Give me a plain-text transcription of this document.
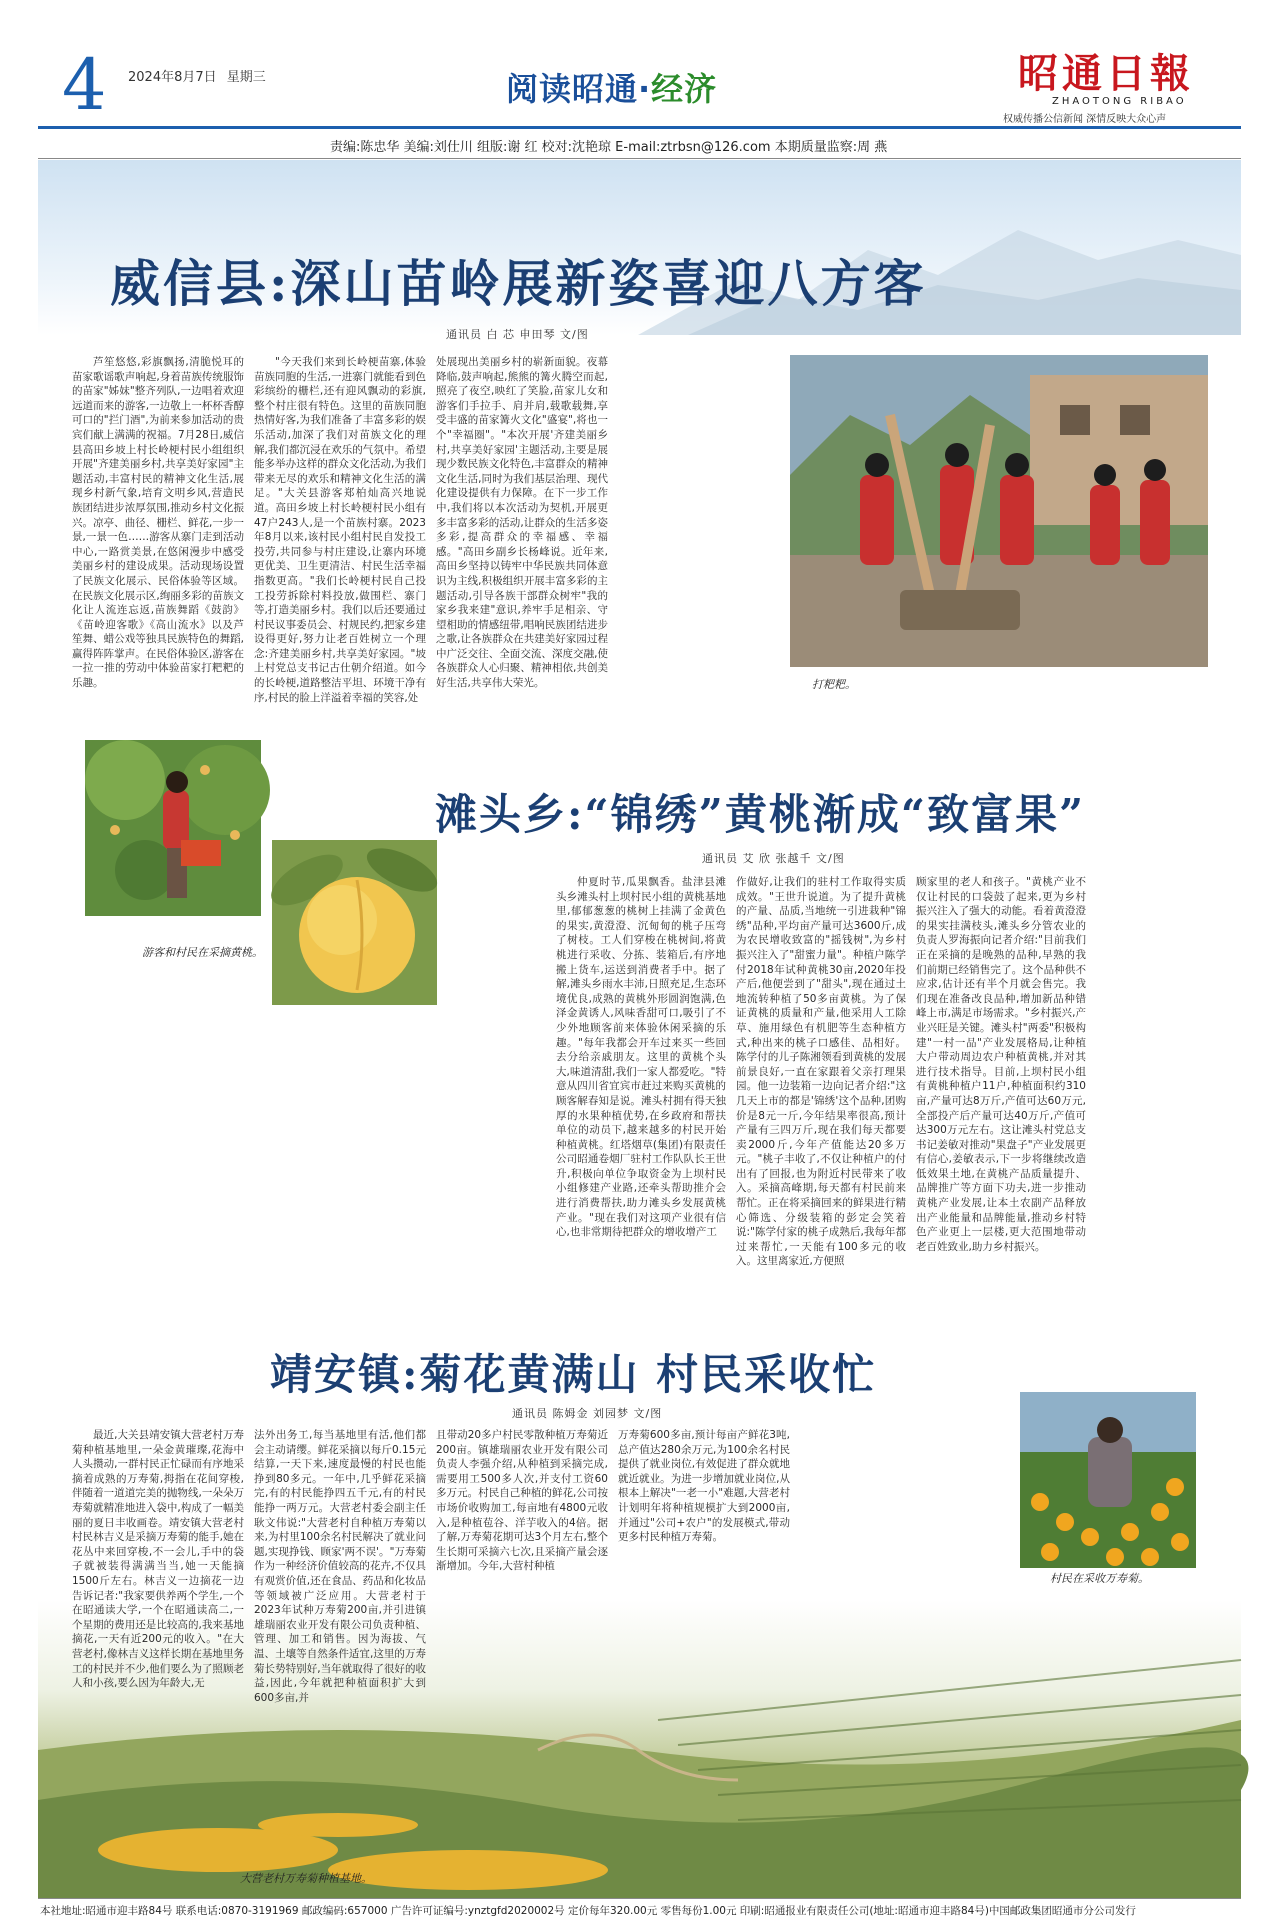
4 2024年8月7日 星期三	阅读昭通·经济	昭通日報
ZHAOTONG RIBAO
权威传播公信新闻 深情反映大众心声
责编:陈忠华 美编:刘仕川 组版:谢 红 校对:沈艳琼 E-mail:ztrbsn@126.com 本期质量监察:周 燕
威信县:深山苗岭展新姿喜迎八方客
通讯员 白 芯 申田琴 文/图

芦笙悠悠,彩旗飘扬,清脆悦耳的苗家歌谣歌声响起,身着苗族传统服饰的苗家"姊妹"整齐列队,一边唱着欢迎远道而来的游客,一边敬上一杯杯香醇可口的"拦门酒",为前来参加活动的贵宾们献上满满的祝福。7月28日,威信县高田乡坡上村长岭梗村民小组组织开展"齐建美丽乡村,共享美好家园"主题活动,丰富村民的精神文化生活,展现乡村新气象,培育文明乡风,营造民族团结进步浓厚氛围,推动乡村文化振兴。凉亭、曲径、栅栏、鲜花,一步一景,一景一色……游客从寨门走到活动中心,一路赏美景,在悠闲漫步中感受美丽乡村的建设成果。活动现场设置了民族文化展示、民俗体验等区域。在民族文化展示区,绚丽多彩的苗族文化让人流连忘返,苗族舞蹈《鼓韵》《苗岭迎客歌》《高山流水》以及芦笙舞、蜡公戏等独具民族特色的舞蹈,赢得阵阵掌声。在民俗体验区,游客在一拉一推的劳动中体验苗家打粑粑的乐趣。

"今天我们来到长岭梗苗寨,体验苗族同胞的生活,一进寨门就能看到色彩缤纷的栅栏,还有迎风飘动的彩旗,整个村庄很有特色。这里的苗族同胞热情好客,为我们准备了丰富多彩的娱乐活动,加深了我们对苗族文化的理解,我们都沉浸在欢乐的气氛中。希望能多举办这样的群众文化活动,为我们带来无尽的欢乐和精神文化生活的满足。"大关县游客郑柏灿高兴地说道。高田乡坡上村长岭梗村民小组有47户243人,是一个苗族村寨。2023年8月以来,该村民小组村民自发投工投劳,共同参与村庄建设,让寨内环境更优美、卫生更清洁、村民生活幸福指数更高。"我们长岭梗村民自己投工投劳拆除村料投放,做围栏、寨门等,打造美丽乡村。我们以后还要通过村民议事委员会、村规民约,把家乡建设得更好,努力让老百姓树立一个理念:齐建美丽乡村,共享美好家园。"坡上村党总支书记古仕朝介绍道。如今的长岭梗,道路整洁平坦、环境干净有序,村民的脸上洋溢着幸福的笑容,处

处展现出美丽乡村的崭新面貌。夜幕降临,鼓声响起,熊熊的篝火腾空而起,照亮了夜空,映红了笑脸,苗家儿女和游客们手拉手、肩并肩,载歌载舞,享受丰盛的苗家篝火文化"盛宴",将也一个"幸福圈"。"本次开展'齐建美丽乡村,共享美好家园'主题活动,主要是展现少数民族文化特色,丰富群众的精神文化生活,同时为我们基层治理、现代化建设提供有力保障。在下一步工作中,我们将以本次活动为契机,开展更多丰富多彩的活动,让群众的生活多姿多彩,提高群众的幸福感、幸福感。"高田乡副乡长杨峰说。近年来,高田乡坚持以铸牢中华民族共同体意识为主线,积极组织开展丰富多彩的主题活动,引导各族干部群众树牢"我的家乡我来建"意识,养牢手足相亲、守望相助的情感纽带,唱响民族团结进步之歌,让各族群众在共建美好家园过程中广泛交往、全面交流、深度交融,使各族群众人心归聚、精神相依,共创美好生活,共享伟大荣光。	打粑粑。
游客和村民在采摘黄桃。
滩头乡:“锦绣”黄桃渐成“致富果”
通讯员 艾 欣 张越千 文/图

仲夏时节,瓜果飘香。盐津县滩头乡滩头村上坝村民小组的黄桃基地里,郁郁葱葱的桃树上挂满了金黄色的果实,黄澄澄、沉甸甸的桃子压弯了树枝。工人们穿梭在桃树间,将黄桃进行采收、分拣、装箱后,有序地搬上货车,运送到消费者手中。据了解,滩头乡雨水丰沛,日照充足,生态环境优良,成熟的黄桃外形圆润饱满,色泽金黄诱人,风味香甜可口,吸引了不少外地顾客前来体验休闲采摘的乐趣。"每年我都会开车过来买一些回去分给亲戚朋友。这里的黄桃个头大,味道清甜,我们一家人都爱吃。"特意从四川省宜宾市赶过来购买黄桃的顾客解春知是说。滩头村拥有得天独厚的水果种植优势,在乡政府和帮扶单位的动员下,越来越多的村民开始种植黄桃。红塔烟草(集团)有限责任公司昭通卷烟厂驻村工作队队长王世升,积极向单位争取资金为上坝村民小组修建产业路,还牵头帮助推介会进行消费帮扶,助力滩头乡发展黄桃产业。"现在我们对这项产业很有信心,也非常期待把群众的增收增产工

作做好,让我们的驻村工作取得实质成效。"王世升说道。为了提升黄桃的产量、品质,当地统一引进栽种"锦绣"品种,平均亩产量可达3600斤,成为农民增收致富的"摇钱树",为乡村振兴注入了"甜蜜力量"。种植户陈学付2018年试种黄桃30亩,2020年投产后,他便尝到了"甜头",现在通过土地流转种植了50多亩黄桃。为了保证黄桃的质量和产量,他采用人工除草、施用绿色有机肥等生态种植方式,种出来的桃子口感佳、品相好。陈学付的儿子陈湘领看到黄桃的发展前景良好,一直在家跟着父亲打理果园。他一边装箱一边向记者介绍:"这几天上市的都是'锦绣'这个品种,团购价是8元一斤,今年结果率很高,预计产量有三四万斤,现在我们每天都要卖2000斤,今年产值能达20多万元。"桃子丰收了,不仅让种植户的付出有了回报,也为附近村民带来了收入。采摘高峰期,每天都有村民前来帮忙。正在将采摘回来的鲜果进行精心筛选、分级装箱的彭定会笑着说:"陈学付家的桃子成熟后,我每年都过来帮忙,一天能有100多元的收入。这里离家近,方便照

顾家里的老人和孩子。"黄桃产业不仅让村民的口袋鼓了起来,更为乡村振兴注入了强大的动能。看着黄澄澄的果实挂满枝头,滩头乡分管农业的负责人罗海振向记者介绍:"目前我们正在采摘的是晚熟的品种,早熟的我们前期已经销售完了。这个品种供不应求,估计还有半个月就会售完。我们现在准备改良品种,增加新品种错峰上市,满足市场需求。"乡村振兴,产业兴旺是关键。滩头村"两委"积极构建"一村一品"产业发展格局,让种植大户带动周边农户种植黄桃,并对其进行技术指导。目前,上坝村民小组有黄桃种植户11户,种植面积约310亩,产量可达8万斤,产值可达60万元,全部投产后产量可达40万斤,产值可达300万元左右。这让滩头村党总支书记姜敏对推动"果盘子"产业发展更有信心,姜敏表示,下一步将继续改造低效果土地,在黄桃产品质量提升、品牌推广等方面下功夫,进一步推动黄桃产业发展,让本土农副产品释放出产业能量和品牌能量,推动乡村特色产业更上一层楼,更大范围地带动老百姓致业,助力乡村振兴。

靖安镇:菊花黄满山 村民采收忙
通讯员 陈姆金 刘园梦 文/图

最近,大关县靖安镇大营老村万寿菊种植基地里,一朵金黄璀璨,花海中人头攒动,一群村民正忙碌而有序地采摘着成熟的万寿菊,拇指在花间穿梭,伴随着一道道完美的抛物线,一朵朵万寿菊就精准地进入袋中,构成了一幅美丽的夏日丰收画卷。靖安镇大营老村村民林吉义是采摘万寿菊的能手,她在花丛中来回穿梭,不一会儿,手中的袋子就被装得满满当当,她一天能摘1500斤左右。林吉义一边摘花一边告诉记者:"我家要供养两个学生,一个在昭通读大学,一个在昭通读高二,一个星期的费用还是比较高的,我来基地摘花,一天有近200元的收入。"在大营老村,像林吉义这样长期在基地里务工的村民并不少,他们要么为了照顾老人和小孩,要么因为年龄大,无

法外出务工,每当基地里有活,他们都会主动请缨。鲜花采摘以每斤0.15元结算,一天下来,速度最慢的村民也能挣到80多元。一年中,几乎鲜花采摘完,有的村民能挣四五千元,有的村民能挣一两万元。大营老村委会副主任耿文伟说:"大营老村自种植万寿菊以来,为村里100余名村民解决了就业问题,实现挣钱、顾家'两不误'。"万寿菊作为一种经济价值较高的花卉,不仅具有观赏价值,还在食品、药品和化妆品等领域被广泛应用。大营老村于2023年试种万寿菊200亩,并引进镇雄瑞丽农业开发有限公司负责种植、管理、加工和销售。因为海拔、气温、土壤等自然条件适宜,这里的万寿菊长势特别好,当年就取得了很好的收益,因此,今年就把种植面积扩大到600多亩,并

且带动20多户村民零散种植万寿菊近200亩。镇雄瑞丽农业开发有限公司负责人李强介绍,从种植到采摘完成,需要用工500多人次,并支付工资60多万元。村民自己种植的鲜花,公司按市场价收购加工,每亩地有4800元收入,是种植苞谷、洋芋收入的4倍。据了解,万寿菊花期可达3个月左右,整个生长期可采摘六七次,且采摘产量会逐渐增加。今年,大营村种植

万寿菊600多亩,预计每亩产鲜花3吨,总产值达280余万元,为100余名村民提供了就业岗位,有效促进了群众就地就近就业。为进一步增加就业岗位,从根本上解决"一老一小"难题,大营老村计划明年将种植规模扩大到2000亩,并通过"公司+农户"的发展模式,带动更多村民种植万寿菊。

村民在采收万寿菊。
大营老村万寿菊种植基地。
本社地址:昭通市迎丰路84号 联系电话:0870-3191969 邮政编码:657000 广告许可证编号:ynztgfd2020002号 定价每年320.00元 零售每份1.00元 印刷:昭通报业有限责任公司(地址:昭通市迎丰路84号)中国邮政集团昭通市分公司发行
